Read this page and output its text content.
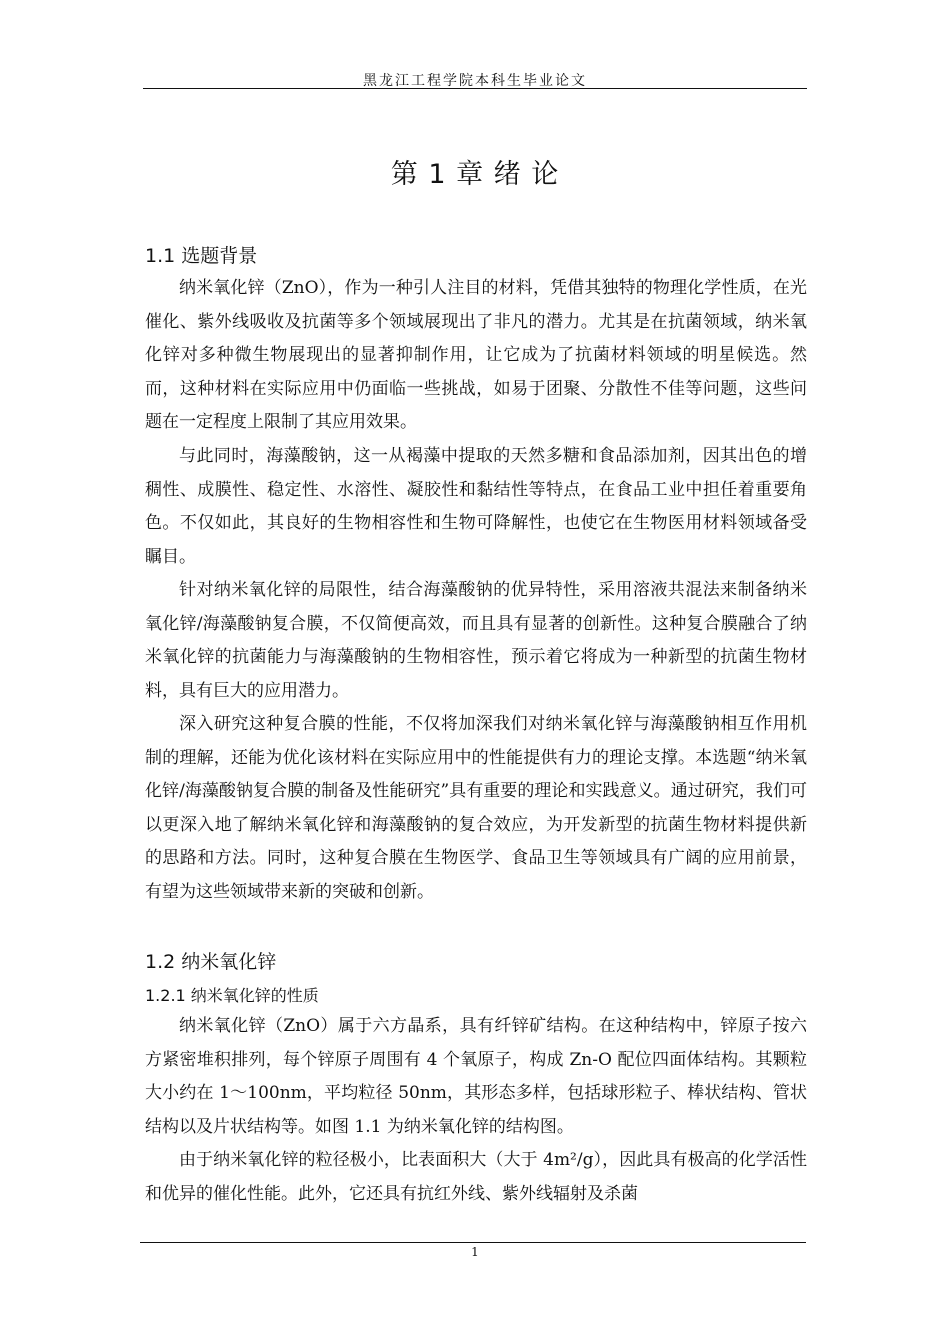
黑龙江工程学院本科生毕业论文
第 1 章 绪 论
1.1 选题背景

纳米氧化锌（ZnO），作为一种引人注目的材料，凭借其独特的物理化学性质，在光催化、紫外线吸收及抗菌等多个领域展现出了非凡的潜力。尤其是在抗菌领域，纳米氧化锌对多种微生物展现出的显著抑制作用，让它成为了抗菌材料领域的明星候选。然而，这种材料在实际应用中仍面临一些挑战，如易于团聚、分散性不佳等问题，这些问题在一定程度上限制了其应用效果。

与此同时，海藻酸钠，这一从褐藻中提取的天然多糖和食品添加剂，因其出色的增稠性、成膜性、稳定性、水溶性、凝胶性和黏结性等特点，在食品工业中担任着重要角色。不仅如此，其良好的生物相容性和生物可降解性，也使它在生物医用材料领域备受瞩目。

针对纳米氧化锌的局限性，结合海藻酸钠的优异特性，采用溶液共混法来制备纳米氧化锌/海藻酸钠复合膜，不仅简便高效，而且具有显著的创新性。这种复合膜融合了纳米氧化锌的抗菌能力与海藻酸钠的生物相容性，预示着它将成为一种新型的抗菌生物材料，具有巨大的应用潜力。

深入研究这种复合膜的性能，不仅将加深我们对纳米氧化锌与海藻酸钠相互作用机制的理解，还能为优化该材料在实际应用中的性能提供有力的理论支撑。本选题“纳米氧化锌/海藻酸钠复合膜的制备及性能研究”具有重要的理论和实践意义。通过研究，我们可以更深入地了解纳米氧化锌和海藻酸钠的复合效应，为开发新型的抗菌生物材料提供新的思路和方法。同时，这种复合膜在生物医学、食品卫生等领域具有广阔的应用前景，有望为这些领域带来新的突破和创新。

1.2 纳米氧化锌
1.2.1 纳米氧化锌的性质

纳米氧化锌（ZnO）属于六方晶系，具有纤锌矿结构。在这种结构中，锌原子按六方紧密堆积排列，每个锌原子周围有 4 个氧原子，构成 Zn-O 配位四面体结构。其颗粒大小约在 1～100nm，平均粒径 50nm，其形态多样，包括球形粒子、棒状结构、管状结构以及片状结构等。如图 1.1 为纳米氧化锌的结构图。

由于纳米氧化锌的粒径极小，比表面积大（大于 4m²/g），因此具有极高的化学活性和优异的催化性能。此外，它还具有抗红外线、紫外线辐射及杀菌

1
